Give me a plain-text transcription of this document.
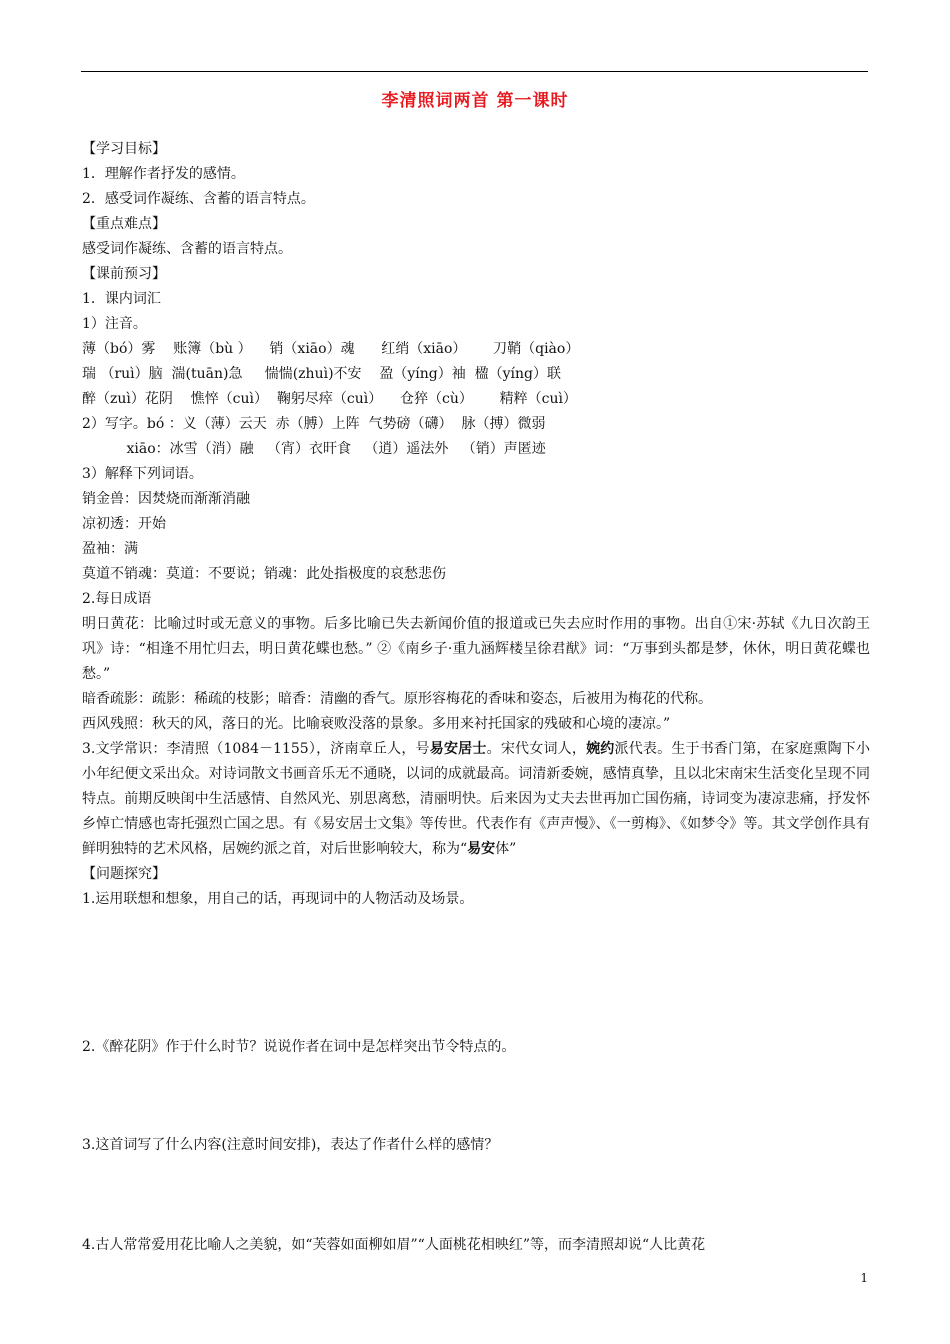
李清照词两首 第一课时
【学习目标】
1．理解作者抒发的感情。
2．感受词作凝练、含蓄的语言特点。
【重点难点】
感受词作凝练、含蓄的语言特点。
【课前预习】
1．课内词汇
1）注音。
薄（bó）雾    账簿（bù ）    销（xiāo）魂      红绡（xiāo）      刀鞘（qiào）
瑞 （ruì）脑  湍(tuān)急     惴惴(zhuì)不安    盈（yíng）袖  楹（yíng）联
醉（zuì）花阴    憔悴（cuì）  鞠躬尽瘁（cuì）    仓猝（cù）      精粹（cuì）
2）写字。bó ：义（薄）云天  赤（膊）上阵  气势磅（礴）  脉（搏）微弱
xiāo：冰雪（消）融   （宵）衣旰食   （逍）遥法外   （销）声匿迹
3）解释下列词语。
销金兽：因焚烧而渐渐消融
凉初透：开始
盈袖：满
莫道不销魂：莫道：不要说；销魂：此处指极度的哀愁悲伤
2.每日成语
明日黄花：比喻过时或无意义的事物。后多比喻已失去新闻价值的报道或已失去应时作用的事物。出自①宋·苏轼《九日次韵王巩》诗：“相逢不用忙归去，明日黄花蝶也愁。” ②《南乡子·重九涵辉楼呈徐君猷》词：“万事到头都是梦，休休，明日黄花蝶也愁。”
暗香疏影：疏影：稀疏的枝影；暗香：清幽的香气。原形容梅花的香味和姿态，后被用为梅花的代称。
西风残照：秋天的风，落日的光。比喻衰败没落的景象。多用来衬托国家的残破和心境的凄凉。”
3.文学常识：李清照（1084－1155），济南章丘人，号易安居士。宋代女词人，婉约派代表。生于书香门第，在家庭熏陶下小小年纪便文采出众。对诗词散文书画音乐无不通晓，以词的成就最高。词清新委婉，感情真挚，且以北宋南宋生活变化呈现不同特点。前期反映闺中生活感情、自然风光、别思离愁，清丽明快。后来因为丈夫去世再加亡国伤痛，诗词变为凄凉悲痛，抒发怀乡悼亡情感也寄托强烈亡国之思。有《易安居士文集》等传世。代表作有《声声慢》、《一剪梅》、《如梦令》等。其文学创作具有鲜明独特的艺术风格，居婉约派之首，对后世影响较大，称为“易安体”
【问题探究】
1.运用联想和想象，用自己的话，再现词中的人物活动及场景。
2.《醉花阴》作于什么时节？说说作者在词中是怎样突出节令特点的。
3.这首词写了什么内容(注意时间安排)，表达了作者什么样的感情？
4.古人常常爱用花比喻人之美貌，如“芙蓉如面柳如眉”“人面桃花相映红”等，而李清照却说“人比黄花
1
